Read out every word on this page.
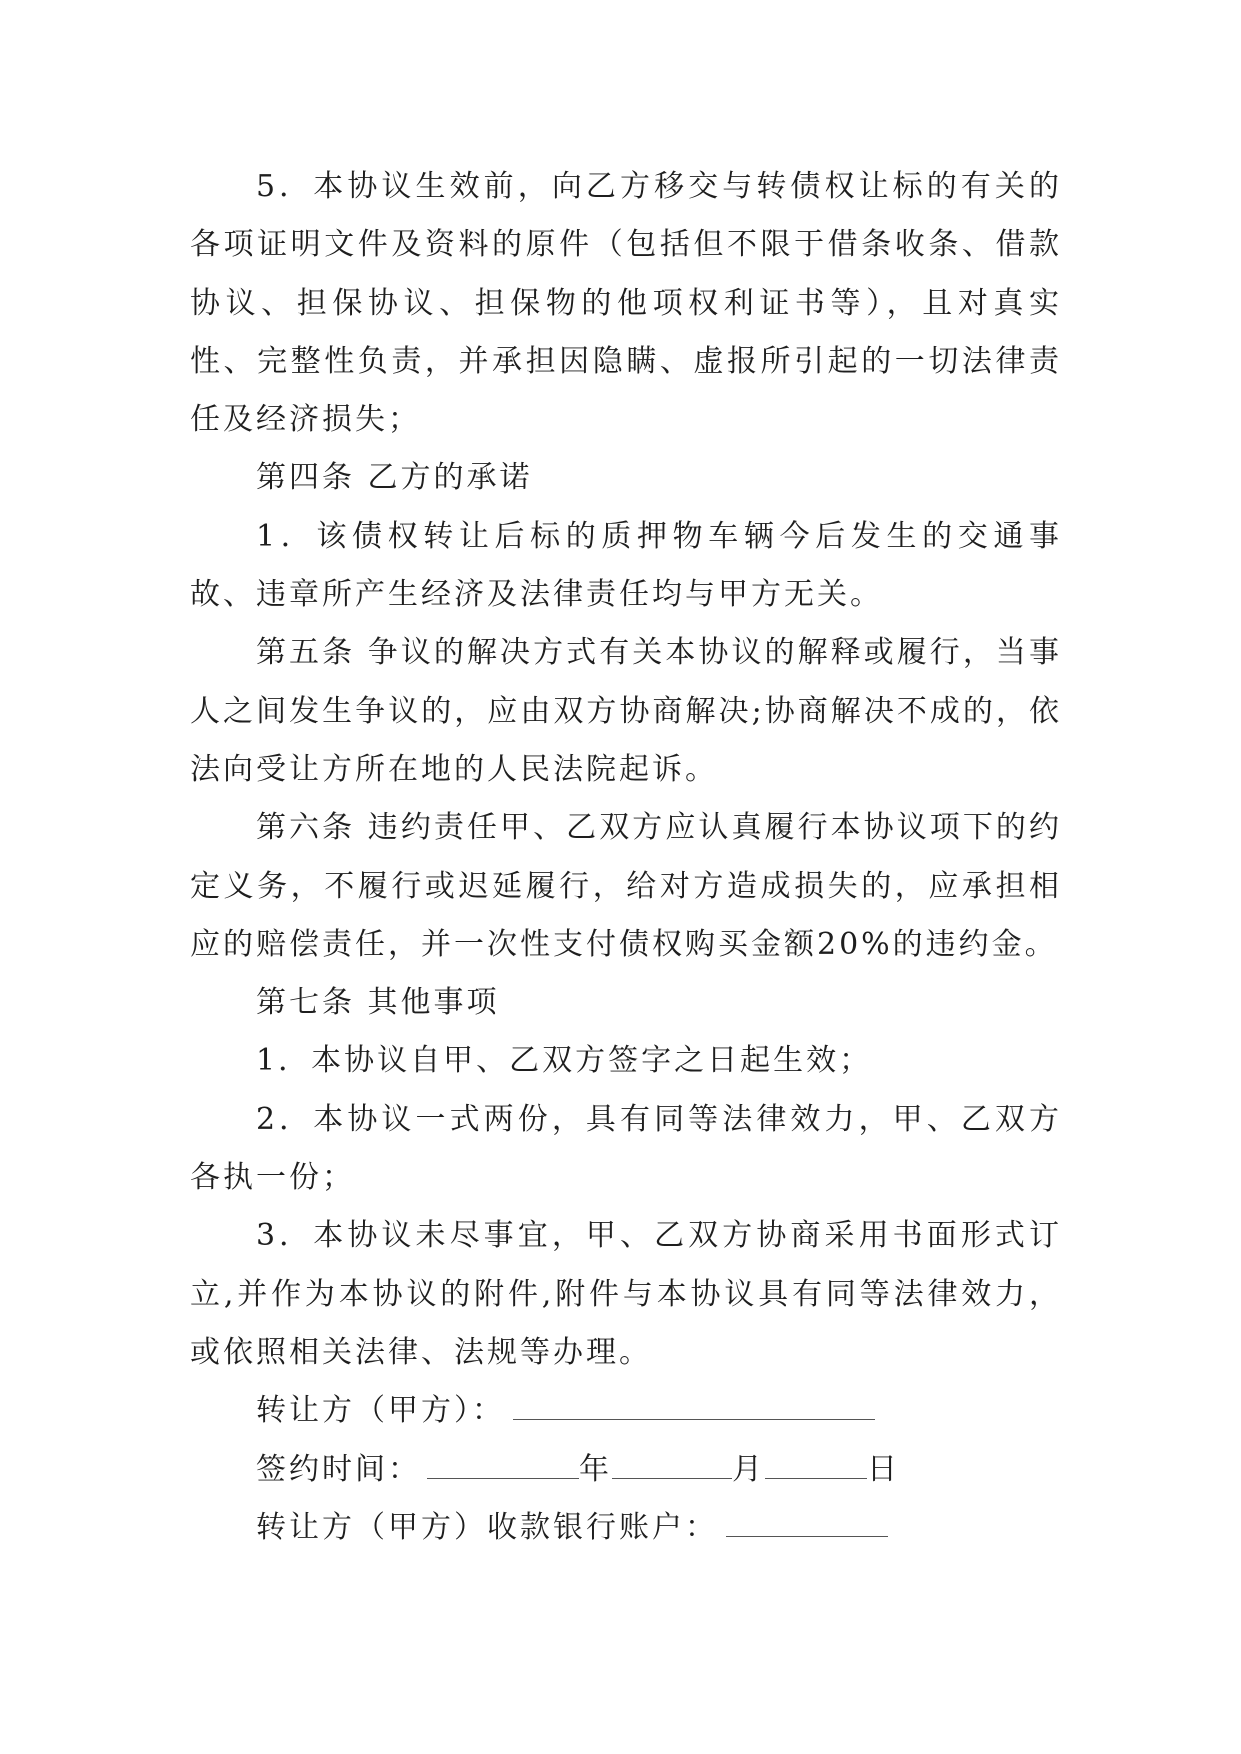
5．本协议生效前，向乙方移交与转债权让标的有关的各项证明文件及资料的原件（包括但不限于借条收条、借款协议、担保协议、担保物的他项权利证书等），且对真实性、完整性负责，并承担因隐瞒、虚报所引起的一切法律责任及经济损失；

第四条 乙方的承诺

1．该债权转让后标的质押物车辆今后发生的交通事故、违章所产生经济及法律责任均与甲方无关。

第五条 争议的解决方式有关本协议的解释或履行，当事人之间发生争议的，应由双方协商解决;协商解决不成的，依法向受让方所在地的人民法院起诉。

第六条 违约责任甲、乙双方应认真履行本协议项下的约定义务，不履行或迟延履行，给对方造成损失的，应承担相应的赔偿责任，并一次性支付债权购买金额20%的违约金。

第七条 其他事项

1．本协议自甲、乙双方签字之日起生效；

2．本协议一式两份，具有同等法律效力，甲、乙双方各执一份；

3．本协议未尽事宜，甲、乙双方协商采用书面形式订立,并作为本协议的附件,附件与本协议具有同等法律效力，或依照相关法律、法规等办理。

转让方（甲方）：

签约时间：	年	月	日

转让方（甲方）收款银行账户：
